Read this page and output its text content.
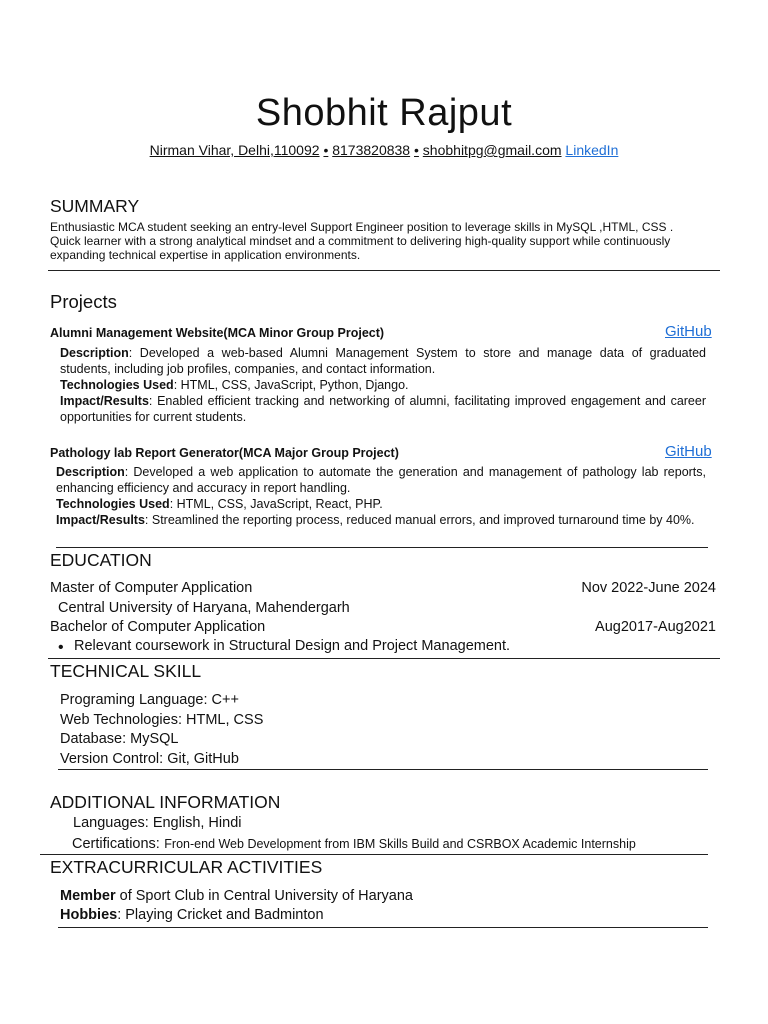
Shobhit Rajput
Nirman Vihar, Delhi,110092 • 8173820838 • shobhitpg@gmail.com LinkedIn
SUMMARY
Enthusiastic MCA student seeking an entry-level Support Engineer position to leverage skills in MySQL ,HTML, CSS .
Quick learner with a strong analytical mindset and a commitment to delivering high-quality support while continuously
expanding technical expertise in application environments.
Projects
Alumni Management Website(MCA Minor Group Project)	GitHub

Description: Developed a web-based Alumni Management System to store and manage data of graduated students, including job profiles, companies, and contact information.

Technologies Used: HTML, CSS, JavaScript, Python, Django.

Impact/Results: Enabled efficient tracking and networking of alumni, facilitating improved engagement and career opportunities for current students.

Pathology lab Report Generator(MCA Major Group Project)	GitHub

Description: Developed a web application to automate the generation and management of pathology lab reports, enhancing efficiency and accuracy in report handling.

Technologies Used: HTML, CSS, JavaScript, React, PHP.

Impact/Results: Streamlined the reporting process, reduced manual errors, and improved turnaround time by 40%.

EDUCATION
Master of Computer Application	Nov 2022-June 2024
Central University of Haryana, Mahendergarh
Bachelor of Computer Application	Aug2017-Aug2021
• Relevant coursework in Structural Design and Project Management.
TECHNICAL SKILL
Programing Language: C++
Web Technologies: HTML, CSS
Database: MySQL
Version Control: Git, GitHub
ADDITIONAL INFORMATION
Languages: English, Hindi
Certifications: Fron-end Web Development from IBM Skills Build and CSRBOX Academic Internship
EXTRACURRICULAR ACTIVITIES
Member of Sport Club in Central University of Haryana
Hobbies: Playing Cricket and Badminton
